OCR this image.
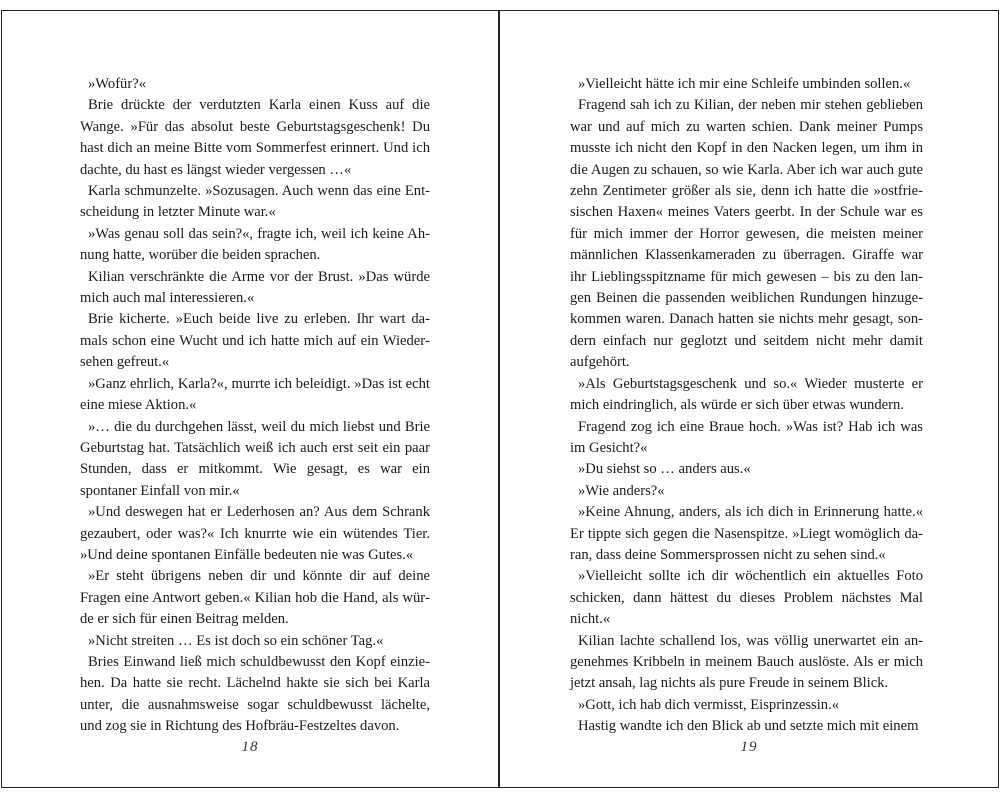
»Wofür?«

Brie drückte der verdutzten Karla einen Kuss auf die Wange. »Für das absolut beste Geburtstagsgeschenk! Du hast dich an meine Bitte vom Sommerfest erinnert. Und ich dachte, du hast es längst wieder vergessen …«

Karla schmunzelte. »Sozusagen. Auch wenn das eine Entscheidung in letzter Minute war.«

»Was genau soll das sein?«, fragte ich, weil ich keine Ahnung hatte, worüber die beiden sprachen.

Kilian verschränkte die Arme vor der Brust. »Das würde mich auch mal interessieren.«

Brie kicherte. »Euch beide live zu erleben. Ihr wart damals schon eine Wucht und ich hatte mich auf ein Wiedersehen gefreut.«

»Ganz ehrlich, Karla?«, murrte ich beleidigt. »Das ist echt eine miese Aktion.«

»… die du durchgehen lässt, weil du mich liebst und Brie Geburtstag hat. Tatsächlich weiß ich auch erst seit ein paar Stunden, dass er mitkommt. Wie gesagt, es war ein spontaner Einfall von mir.«

»Und deswegen hat er Lederhosen an? Aus dem Schrank gezaubert, oder was?« Ich knurrte wie ein wütendes Tier. »Und deine spontanen Einfälle bedeuten nie was Gutes.«

»Er steht übrigens neben dir und könnte dir auf deine Fragen eine Antwort geben.« Kilian hob die Hand, als würde er sich für einen Beitrag melden.

»Nicht streiten … Es ist doch so ein schöner Tag.«

Bries Einwand ließ mich schuldbewusst den Kopf einziehen. Da hatte sie recht. Lächelnd hakte sie sich bei Karla unter, die ausnahmsweise sogar schuldbewusst lächelte, und zog sie in Richtung des Hofbräu-Festzeltes davon.

18

»Vielleicht hätte ich mir eine Schleife umbinden sollen.«

Fragend sah ich zu Kilian, der neben mir stehen geblieben war und auf mich zu warten schien. Dank meiner Pumps musste ich nicht den Kopf in den Nacken legen, um ihm in die Augen zu schauen, so wie Karla. Aber ich war auch gute zehn Zentimeter größer als sie, denn ich hatte die »ostfriesischen Haxen« meines Vaters geerbt. In der Schule war es für mich immer der Horror gewesen, die meisten meiner männlichen Klassenkameraden zu überragen. Giraffe war ihr Lieblingsspitzname für mich gewesen – bis zu den langen Beinen die passenden weiblichen Rundungen hinzugekommen waren. Danach hatten sie nichts mehr gesagt, sondern einfach nur geglotzt und seitdem nicht mehr damit aufgehört.

»Als Geburtstagsgeschenk und so.« Wieder musterte er mich eindringlich, als würde er sich über etwas wundern.

Fragend zog ich eine Braue hoch. »Was ist? Hab ich was im Gesicht?«

»Du siehst so … anders aus.«

»Wie anders?«

»Keine Ahnung, anders, als ich dich in Erinnerung hatte.« Er tippte sich gegen die Nasenspitze. »Liegt womöglich daran, dass deine Sommersprossen nicht zu sehen sind.«

»Vielleicht sollte ich dir wöchentlich ein aktuelles Foto schicken, dann hättest du dieses Problem nächstes Mal nicht.«

Kilian lachte schallend los, was völlig unerwartet ein angenehmes Kribbeln in meinem Bauch auslöste. Als er mich jetzt ansah, lag nichts als pure Freude in seinem Blick.

»Gott, ich hab dich vermisst, Eisprinzessin.«

Hastig wandte ich den Blick ab und setzte mich mit einem

19
